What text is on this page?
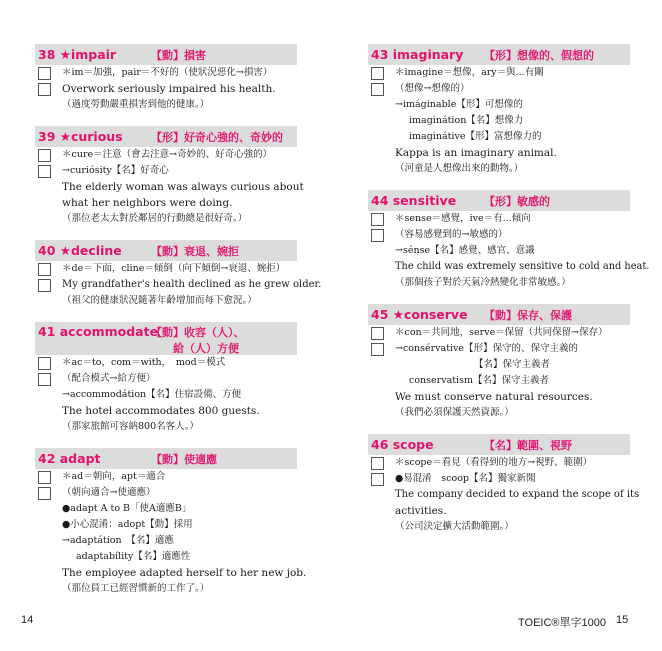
38 ★impair	【動】 損害
＊im＝加強，pair＝不好的（使狀況惡化→損害）
Overwork seriously impaired his health.
（過度勞動嚴重損害到他的健康。）
39 ★curious	【形】 好奇心強的、奇妙的
＊cure＝注意（會去注意→奇妙的、好奇心強的）
→curiósity【名】好奇心
The elderly woman was always curious about
what her neighbors were doing.
（那位老太太對於鄰居的行動總是很好奇。）
40 ★decline	【動】 衰退、婉拒
＊de＝下面，cline＝傾倒（向下傾倒→衰退、婉拒）
My grandfather's health declined as he grew older.
（祖父的健康狀況隨著年齡增加而每下愈況。）
41 accommodate
【動】收容（人）、
給（人）方便
＊ac＝to，com＝with，　mod＝模式
（配合模式→給方便）
→accommodátion【名】住宿設備、方便
The hotel accommodates 800 guests.
（那家旅館可容納800名客人。）
42 adapt	【動】 使適應
＊ad＝朝向，apt＝適合
（朝向適合→使適應）
●adapt A to B「使A適應B」
●小心混淆：adopt【動】採用
→adaptátion　【名】適應
adaptabílity【名】適應性
The employee adapted herself to her new job.
（那位員工已經習慣新的工作了。）
43 imaginary	【形】 想像的、假想的
＊imagine＝想像，ary＝與...有關
（想像→想像的）
→imáginable【形】可想像的
imaginátion【名】想像力
imaginátive【形】富想像力的
Kappa is an imaginary animal.
（河童是人想像出來的動物。）
44 sensitive	【形】 敏感的
＊sense＝感覺，ive＝有...傾向
（容易感覺到的→敏感的）
→sénse【名】感覺、感官、意識
The child was extremely sensitive to cold and heat.
（那個孩子對於天氣冷熱變化非常敏感。）
45 ★conserve	【動】 保存、保護
＊con＝共同地，serve＝保留（共同保留→保存）
→consérvative【形】保守的、保守主義的
【名】保守主義者
conservatism【名】保守主義者
We must conserve natural resources.
（我們必須保護天然資源。）
46 scope	【名】 範圍、視野
＊scope＝看見（看得到的地方→視野、範圍）
●易混淆　scoop【名】獨家新聞
The company decided to expand the scope of its
activities.
（公司決定擴大活動範圍。）
14	TOEIC®單字1000 15
